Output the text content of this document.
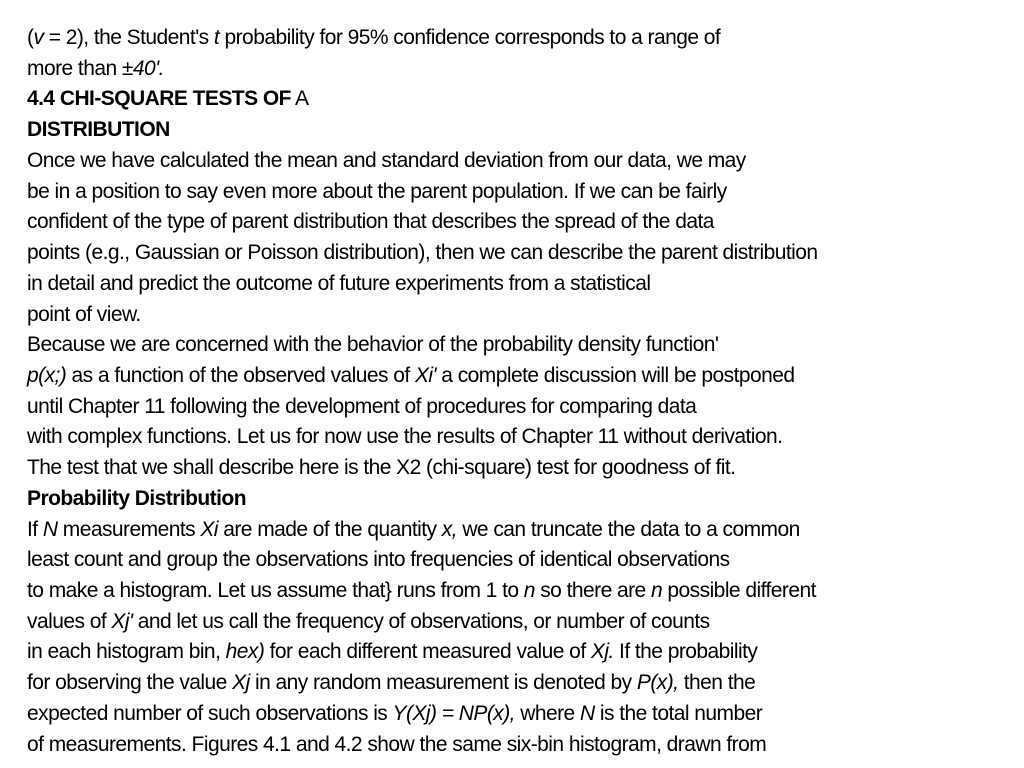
(v = 2), the Student's t probability for 95% confidence corresponds to a range of
more than ±40'.
4.4 CHI-SQUARE TESTS OF A
DISTRIBUTION
Once we have calculated the mean and standard deviation from our data, we may
be in a position to say even more about the parent population. If we can be fairly
confident of the type of parent distribution that describes the spread of the data
points (e.g., Gaussian or Poisson distribution), then we can describe the parent distribution
in detail and predict the outcome of future experiments from a statistical
point of view.
Because we are concerned with the behavior of the probability density function'
p(x;) as a function of the observed values of Xi' a complete discussion will be postponed
until Chapter 11 following the development of procedures for comparing data
with complex functions. Let us for now use the results of Chapter 11 without derivation.
The test that we shall describe here is the X2 (chi-square) test for goodness of fit.
Probability Distribution
If N measurements Xi are made of the quantity x, we can truncate the data to a common
least count and group the observations into frequencies of identical observations
to make a histogram. Let us assume that} runs from 1 to n so there are n possible different
values of Xj' and let us call the frequency of observations, or number of counts
in each histogram bin, hex) for each different measured value of Xj. If the probability
for observing the value Xj in any random measurement is denoted by P(x), then the
expected number of such observations is Y(Xj) = NP(x), where N is the total number
of measurements. Figures 4.1 and 4.2 show the same six-bin histogram, drawn from
